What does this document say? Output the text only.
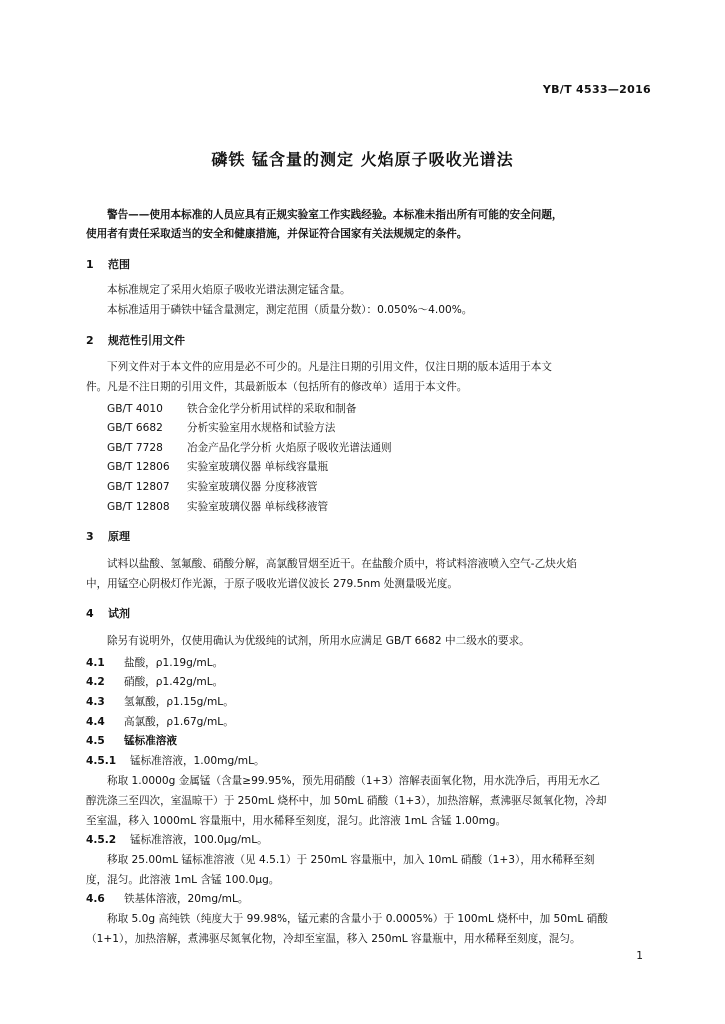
YB/T 4533—2016
磷铁 锰含量的测定 火焰原子吸收光谱法
警告——使用本标准的人员应具有正规实验室工作实践经验。本标准未指出所有可能的安全问题，
使用者有责任采取适当的安全和健康措施，并保证符合国家有关法规规定的条件。
1 范围
本标准规定了采用火焰原子吸收光谱法测定锰含量。
本标准适用于磷铁中锰含量测定，测定范围（质量分数）：0.050%～4.00%。
2 规范性引用文件
下列文件对于本文件的应用是必不可少的。凡是注日期的引用文件，仅注日期的版本适用于本文
件。凡是不注日期的引用文件，其最新版本（包括所有的修改单）适用于本文件。
GB/T 4010 铁合金化学分析用试样的采取和制备
GB/T 6682 分析实验室用水规格和试验方法
GB/T 7728 冶金产品化学分析 火焰原子吸收光谱法通则
GB/T 12806 实验室玻璃仪器 单标线容量瓶
GB/T 12807 实验室玻璃仪器 分度移液管
GB/T 12808 实验室玻璃仪器 单标线移液管
3 原理
试料以盐酸、氢氟酸、硝酸分解，高氯酸冒烟至近干。在盐酸介质中，将试料溶液喷入空气-乙炔火焰
中，用锰空心阴极灯作光源，于原子吸收光谱仪波长 279.5nm 处测量吸光度。
4 试剂
除另有说明外，仅使用确认为优级纯的试剂，所用水应满足 GB/T 6682 中二级水的要求。
4.1 盐酸，ρ1.19g/mL。
4.2 硝酸，ρ1.42g/mL。
4.3 氢氟酸，ρ1.15g/mL。
4.4 高氯酸，ρ1.67g/mL。
4.5 锰标准溶液
4.5.1 锰标准溶液，1.00mg/mL。
称取 1.0000g 金属锰（含量≥99.95%，预先用硝酸（1+3）溶解表面氧化物，用水洗净后，再用无水乙
醇洗涤三至四次，室温晾干）于 250mL 烧杯中，加 50mL 硝酸（1+3），加热溶解，煮沸驱尽氮氧化物，冷却
至室温，移入 1000mL 容量瓶中，用水稀释至刻度，混匀。此溶液 1mL 含锰 1.00mg。
4.5.2 锰标准溶液，100.0μg/mL。
移取 25.00mL 锰标准溶液（见 4.5.1）于 250mL 容量瓶中，加入 10mL 硝酸（1+3），用水稀释至刻
度，混匀。此溶液 1mL 含锰 100.0μg。
4.6 铁基体溶液，20mg/mL。
称取 5.0g 高纯铁（纯度大于 99.98%，锰元素的含量小于 0.0005%）于 100mL 烧杯中，加 50mL 硝酸
（1+1），加热溶解，煮沸驱尽氮氧化物，冷却至室温，移入 250mL 容量瓶中，用水稀释至刻度，混匀。
1
